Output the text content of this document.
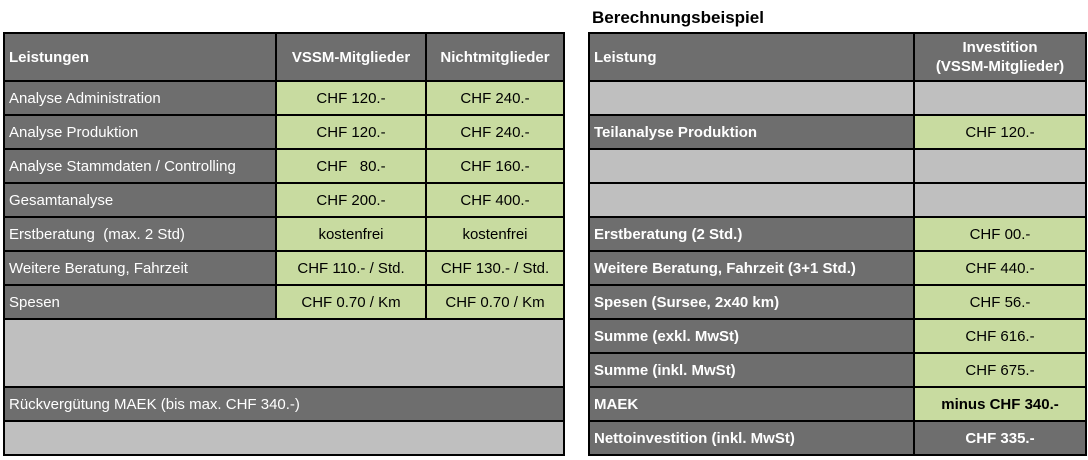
Berechnungsbeispiel
Leistungen	VSSM-Mitglieder	Nichtmitglieder
Analyse Administration	CHF 120.-	CHF 240.-
Analyse Produktion	CHF 120.-	CHF 240.-
Analyse Stammdaten / Controlling	CHF   80.-	CHF 160.-
Gesamtanalyse	CHF 200.-	CHF 400.-
Erstberatung  (max. 2 Std)	kostenfrei	kostenfrei
Weitere Beratung, Fahrzeit	CHF 110.- / Std.	CHF 130.- / Std.
Spesen	CHF 0.70 / Km	CHF 0.70 / Km

Rückvergütung MAEK (bis max. CHF 340.-)		

Leistung	Investition
(VSSM-Mitglieder)

Teilanalyse Produktion	CHF 120.-

Erstberatung (2 Std.)	CHF 00.-
Weitere Beratung, Fahrzeit (3+1 Std.)	CHF 440.-
Spesen (Sursee, 2x40 km)	CHF 56.-
Summe (exkl. MwSt)	CHF 616.-
Summe (inkl. MwSt)	CHF 675.-
MAEK	minus CHF 340.-
Nettoinvestition (inkl. MwSt)	CHF 335.-
